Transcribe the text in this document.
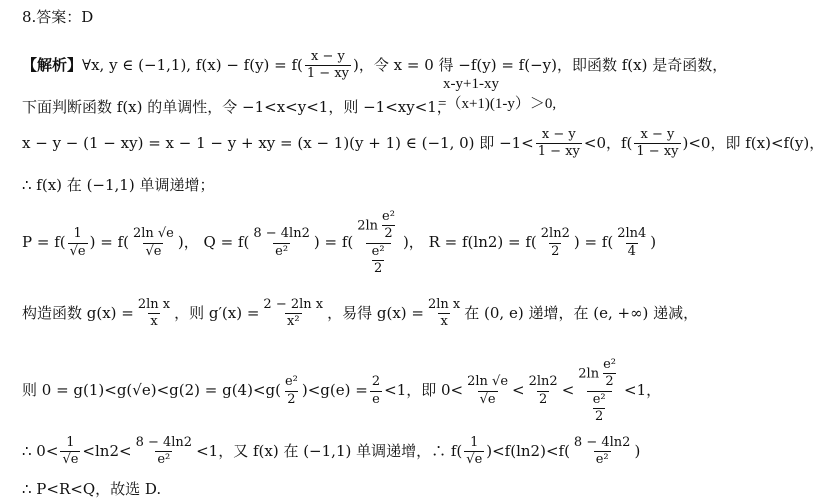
8.答案：D
【解析】∀x, y ∈ (−1,1), $f(x) - f(y) = f( \frac{x - y}{1 - xy}$ )，令 x = 0 得 −f(y) = f(−y)，即函数 f(x) 是奇函数，
x-y+1-xy
=（x+1)(1-y）＞0,
下面判断函数 f(x) 的单调性，令 −1<x<y<1，则 −1<xy<1，
x − y − (1 − xy) = x − 1 − y + xy = (x − 1)(y + 1) ∈ (−1, 0) 即 $-1< \frac{x - y}{1 - xy} <0$，$f( \frac{x - y}{1 - xy} )<0$，即 f(x)<f(y)，
∴ f(x) 在 (−1,1) 单调递增；
$P = f( \frac{1}{√e}$ ) = $f( \frac{2\ln √e}{√e}$ )， $Q = f( \frac{8 - 4\ln 2}{\text{e²}}$ ) = $f( \frac{2\ln \frac{\text{e²}}{2}}{\frac{\text{e²}}{2}}$ )， $R = f(\ln 2) = f( \frac{2\ln 2}{2}$ ) = $f( \frac{2\ln 4}{4}$ )
构造函数 $g(x) = \frac{\text{2ln x}}{x}$ ，则 $g'(x) = \frac{\text{2 − 2ln x}}{\text{x²}}$ ，易得 $g(x) = \frac{\text{2ln x}}{x}$ 在 (0, e) 递增，在 (e, +∞) 递减，
则 $0 = g(1)<g(√e)<g(2) = g(4)<g( \frac{\text{e²}}{2} )<g(e) = \frac{2}{e} <1$，即 $0< \frac{2\ln √e}{√e} < \frac{2\ln 2}{2} < \frac{2\ln \frac{\text{e²}}{2}}{\frac{\text{e²}}{2}} <1$，
∴ $0< \frac{1}{√e} <\ln 2< \frac{8 - 4\ln 2}{\text{e²}} <1$，又 f(x) 在 (−1,1) 单调递增，∴ $f( \frac{1}{√e} )<f(\ln 2)<f( \frac{8 - 4\ln 2}{\text{e²}}$ )
∴ P<R<Q，故选 D.
